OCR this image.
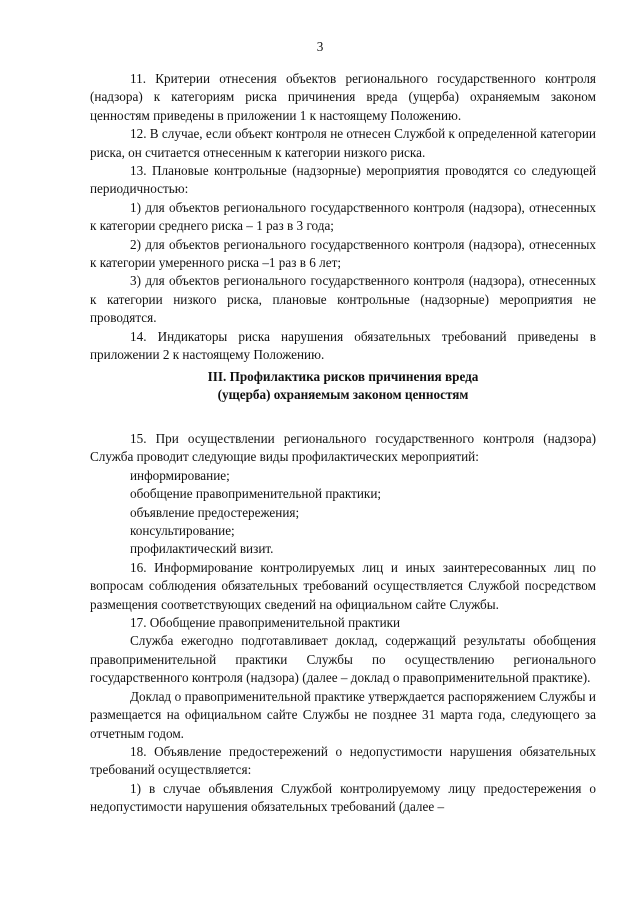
3

11. Критерии отнесения объектов регионального государственного контроля (надзора) к категориям риска причинения вреда (ущерба) охраняемым законом ценностям приведены в приложении 1 к настоящему Положению.

12. В случае, если объект контроля не отнесен Службой к определенной категории риска, он считается отнесенным к категории низкого риска.

13. Плановые контрольные (надзорные) мероприятия проводятся со следующей периодичностью:

1) для объектов регионального государственного контроля (надзора), отнесенных к категории среднего риска – 1 раз в 3 года;

2) для объектов регионального государственного контроля (надзора), отнесенных к категории умеренного риска –1 раз в 6 лет;

3) для объектов регионального государственного контроля (надзора), отнесенных к категории низкого риска, плановые контрольные (надзорные) мероприятия не проводятся.

14. Индикаторы риска нарушения обязательных требований приведены в приложении 2 к настоящему Положению.

III. Профилактика рисков причинения вреда
(ущерба) охраняемым законом ценностям

15. При осуществлении регионального государственного контроля (надзора) Служба проводит следующие виды профилактических мероприятий:

информирование;

обобщение правоприменительной практики;

объявление предостережения;

консультирование;

профилактический визит.

16. Информирование контролируемых лиц и иных заинтересованных лиц по вопросам соблюдения обязательных требований осуществляется Службой посредством размещения соответствующих сведений на официальном сайте Службы.

17. Обобщение правоприменительной практики

Служба ежегодно подготавливает доклад, содержащий результаты обобщения правоприменительной практики Службы по осуществлению регионального государственного контроля (надзора) (далее – доклад о правоприменительной практике).

Доклад о правоприменительной практике утверждается распоряжением Службы и размещается на официальном сайте Службы не позднее 31 марта года, следующего за отчетным годом.

18. Объявление предостережений о недопустимости нарушения обязательных требований осуществляется:

1) в случае объявления Службой контролируемому лицу предостережения о недопустимости нарушения обязательных требований (далее –
